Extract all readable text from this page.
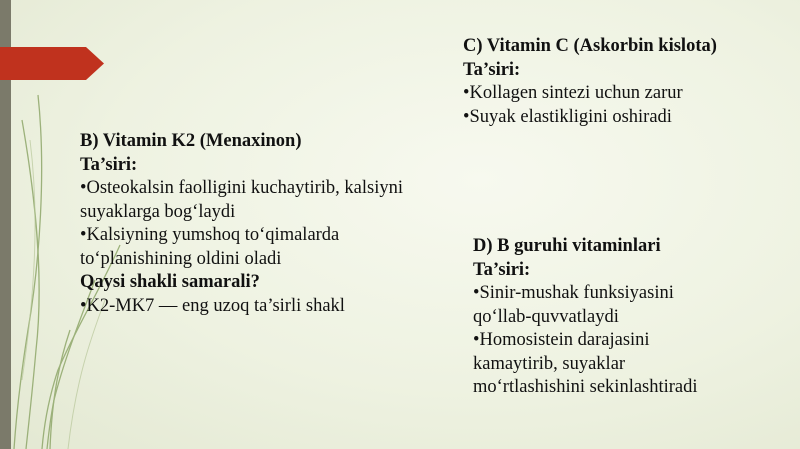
C) Vitamin C (Askorbin kislota)
Ta’siri:
•Kollagen sintezi uchun zarur
•Suyak elastikligini oshiradi
B) Vitamin K2 (Menaxinon)
Ta’siri:
•Osteokalsin faolligini kuchaytirib, kalsiyni
suyaklarga bog‘laydi
•Kalsiyning yumshoq to‘qimalarda
to‘planishining oldini oladi
Qaysi shakli samarali?
•K2-MK7 — eng uzoq ta’sirli shakl
D) B guruhi vitaminlari
Ta’siri:
•Sinir-mushak funksiyasini
qo‘llab-quvvatlaydi
•Homosistein darajasini
kamaytirib, suyaklar
mo‘rtlashishini sekinlashtiradi
